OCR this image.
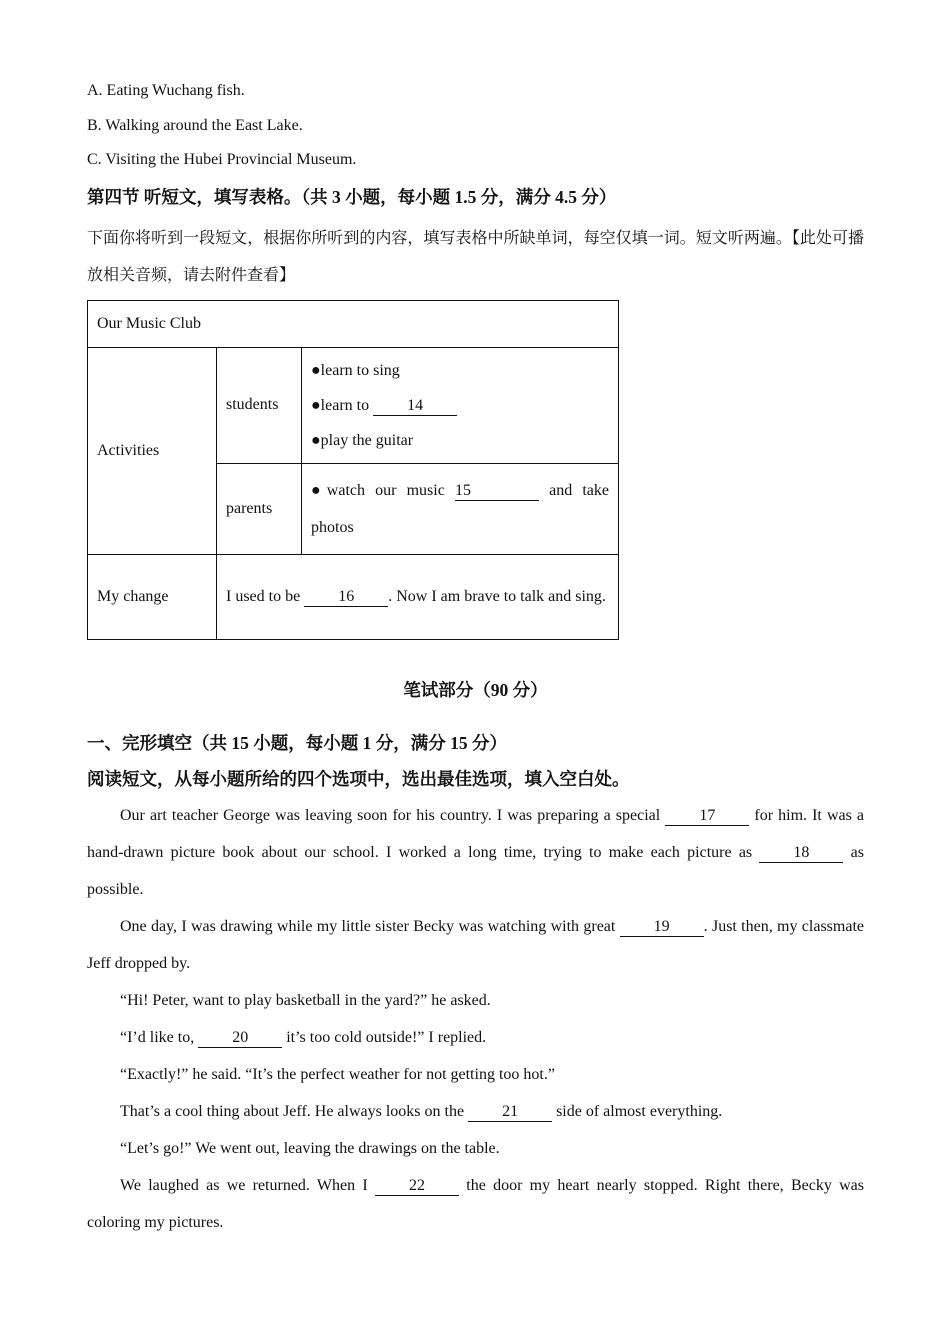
A. Eating Wuchang fish.

B. Walking around the East Lake.

C. Visiting the Hubei Provincial Museum.

第四节 听短文，填写表格。（共 3 小题，每小题 1.5 分，满分 4.5 分）

下面你将听到一段短文，根据你所听到的内容，填写表格中所缺单词，每空仅填一词。短文听两遍。【此处可播放相关音频，请去附件查看】

Our Music Club		
Activities	students	●learn to sing

●learn to 14

●play the guitar

	parents	●watch our music 15 and take photos
My change	I used to be 16 . Now I am brave to talk and sing.	

笔试部分（90 分）

一、完形填空（共 15 小题，每小题 1 分，满分 15 分）

阅读短文，从每小题所给的四个选项中，选出最佳选项，填入空白处。

Our art teacher George was leaving soon for his country. I was preparing a special 17 for him. It was a hand-drawn picture book about our school. I worked a long time, trying to make each picture as 18 as possible.

One day, I was drawing while my little sister Becky was watching with great 19 . Just then, my classmate Jeff dropped by.

“Hi! Peter, want to play basketball in the yard?” he asked.

“I’d like to, 20 it’s too cold outside!” I replied.

“Exactly!” he said. “It’s the perfect weather for not getting too hot.”

That’s a cool thing about Jeff. He always looks on the 21 side of almost everything.

“Let’s go!” We went out, leaving the drawings on the table.

We laughed as we returned. When I 22 the door my heart nearly stopped. Right there, Becky was coloring my pictures.
